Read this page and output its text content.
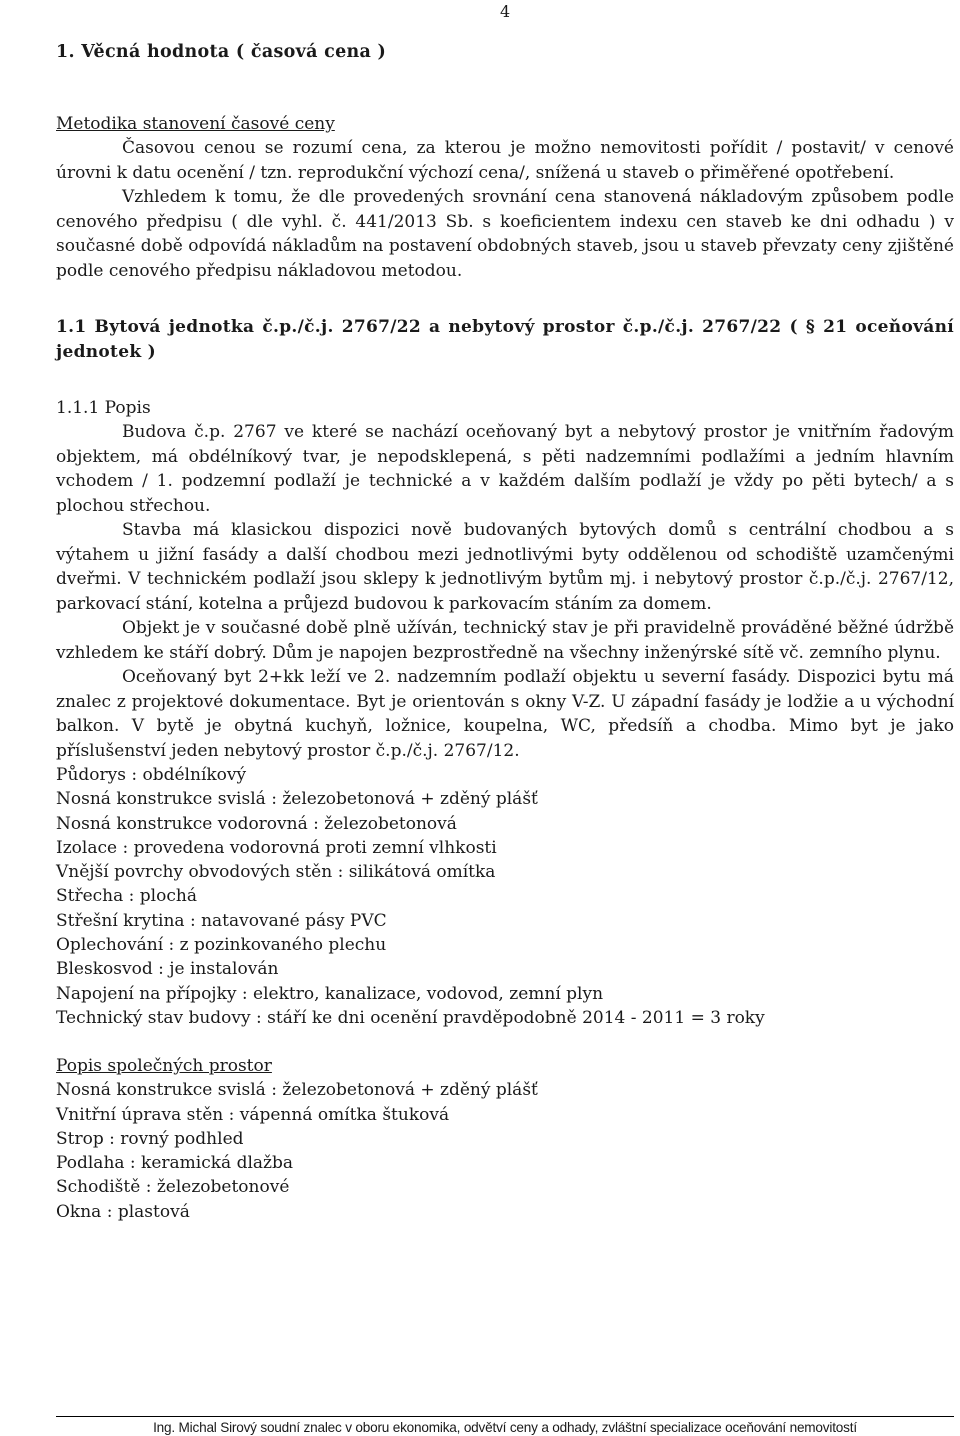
4

1. Věcná hodnota ( časová cena )

Metodika stanovení časové ceny

Časovou cenou se rozumí cena, za kterou je možno nemovitosti pořídit / postavit/ v cenové úrovni k datu ocenění / tzn. reprodukční výchozí cena/, snížená u staveb o přiměřené opotřebení.

Vzhledem k tomu, že dle provedených srovnání cena stanovená nákladovým způsobem podle cenového předpisu ( dle vyhl. č. 441/2013 Sb. s koeficientem indexu cen staveb ke dni odhadu ) v současné době odpovídá nákladům na postavení obdobných staveb, jsou u staveb převzaty ceny zjištěné podle cenového předpisu nákladovou metodou.

1.1 Bytová jednotka č.p./č.j. 2767/22 a nebytový prostor č.p./č.j. 2767/22 ( § 21 oceňování jednotek )

1.1.1 Popis

Budova č.p. 2767 ve které se nachází oceňovaný byt a nebytový prostor je vnitřním řadovým objektem, má obdélníkový tvar, je nepodsklepená, s pěti nadzemními podlažími a jedním hlavním vchodem / 1. podzemní podlaží je technické a v každém dalším podlaží je vždy po pěti bytech/ a s plochou střechou.

Stavba má klasickou dispozici nově budovaných bytových domů s centrální chodbou a s výtahem u jižní fasády a další chodbou mezi jednotlivými byty oddělenou od schodiště uzamčenými dveřmi. V technickém podlaží jsou sklepy k jednotlivým bytům mj. i nebytový prostor č.p./č.j. 2767/12, parkovací stání, kotelna a průjezd budovou k parkovacím stáním za domem.

Objekt je v současné době plně užíván, technický stav je při pravidelně prováděné běžné údržbě vzhledem ke stáří dobrý. Dům je napojen bezprostředně na všechny inženýrské sítě vč. zemního plynu.

Oceňovaný byt 2+kk leží ve 2. nadzemním podlaží objektu u severní fasády. Dispozici bytu má znalec z projektové dokumentace. Byt je orientován s okny V-Z. U západní fasády je lodžie a u východní balkon. V bytě je obytná kuchyň, ložnice, koupelna, WC, předsíň a chodba. Mimo byt je jako příslušenství jeden nebytový prostor č.p./č.j. 2767/12.

Půdorys : obdélníkový

Nosná konstrukce svislá : železobetonová + zděný plášť

Nosná konstrukce vodorovná : železobetonová

Izolace : provedena vodorovná proti zemní vlhkosti

Vnější povrchy obvodových stěn : silikátová omítka

Střecha : plochá

Střešní krytina : natavované pásy PVC

Oplechování : z pozinkovaného plechu

Bleskosvod : je instalován

Napojení na přípojky : elektro, kanalizace, vodovod, zemní plyn

Technický stav budovy : stáří ke dni ocenění pravděpodobně 2014 - 2011 = 3 roky

Popis společných prostor

Nosná konstrukce svislá : železobetonová + zděný plášť

Vnitřní úprava stěn : vápenná omítka štuková

Strop : rovný podhled

Podlaha : keramická dlažba

Schodiště : železobetonové

Okna : plastová

Ing. Michal Sirový soudní znalec v oboru ekonomika, odvětví ceny a odhady, zvláštní specializace oceňování nemovitostí
